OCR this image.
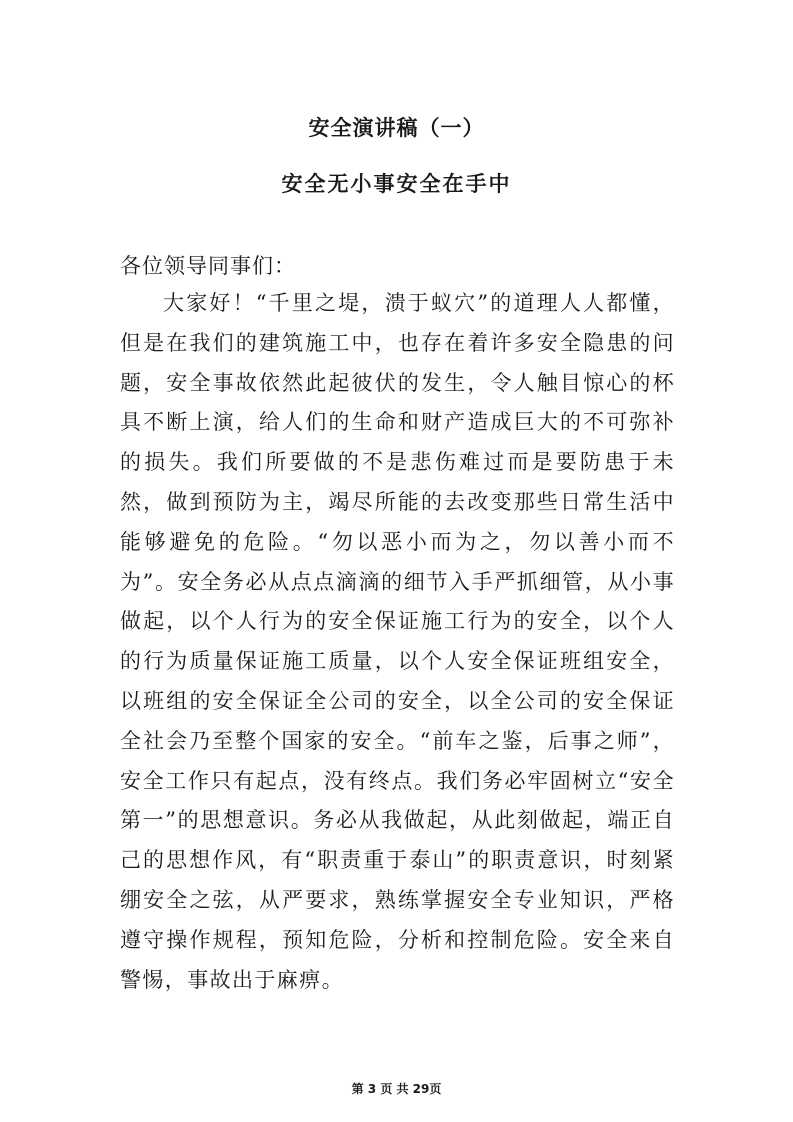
安全演讲稿（一）
安全无小事安全在手中

各位领导同事们：

大家好！“千里之堤，溃于蚁穴”的道理人人都懂，但是在我们的建筑施工中，也存在着许多安全隐患的问题，安全事故依然此起彼伏的发生，令人触目惊心的杯具不断上演，给人们的生命和财产造成巨大的不可弥补的损失。我们所要做的不是悲伤难过而是要防患于未然，做到预防为主，竭尽所能的去改变那些日常生活中能够避免的危险。“勿以恶小而为之，勿以善小而不为”。安全务必从点点滴滴的细节入手严抓细管，从小事做起，以个人行为的安全保证施工行为的安全，以个人的行为质量保证施工质量，以个人安全保证班组安全，以班组的安全保证全公司的安全，以全公司的安全保证全社会乃至整个国家的安全。“前车之鉴，后事之师”，安全工作只有起点，没有终点。我们务必牢固树立“安全第一”的思想意识。务必从我做起，从此刻做起，端正自己的思想作风，有“职责重于泰山”的职责意识，时刻紧绷安全之弦，从严要求，熟练掌握安全专业知识，严格遵守操作规程，预知危险，分析和控制危险。安全来自警惕，事故出于麻痹。

第 3 页 共 29页
